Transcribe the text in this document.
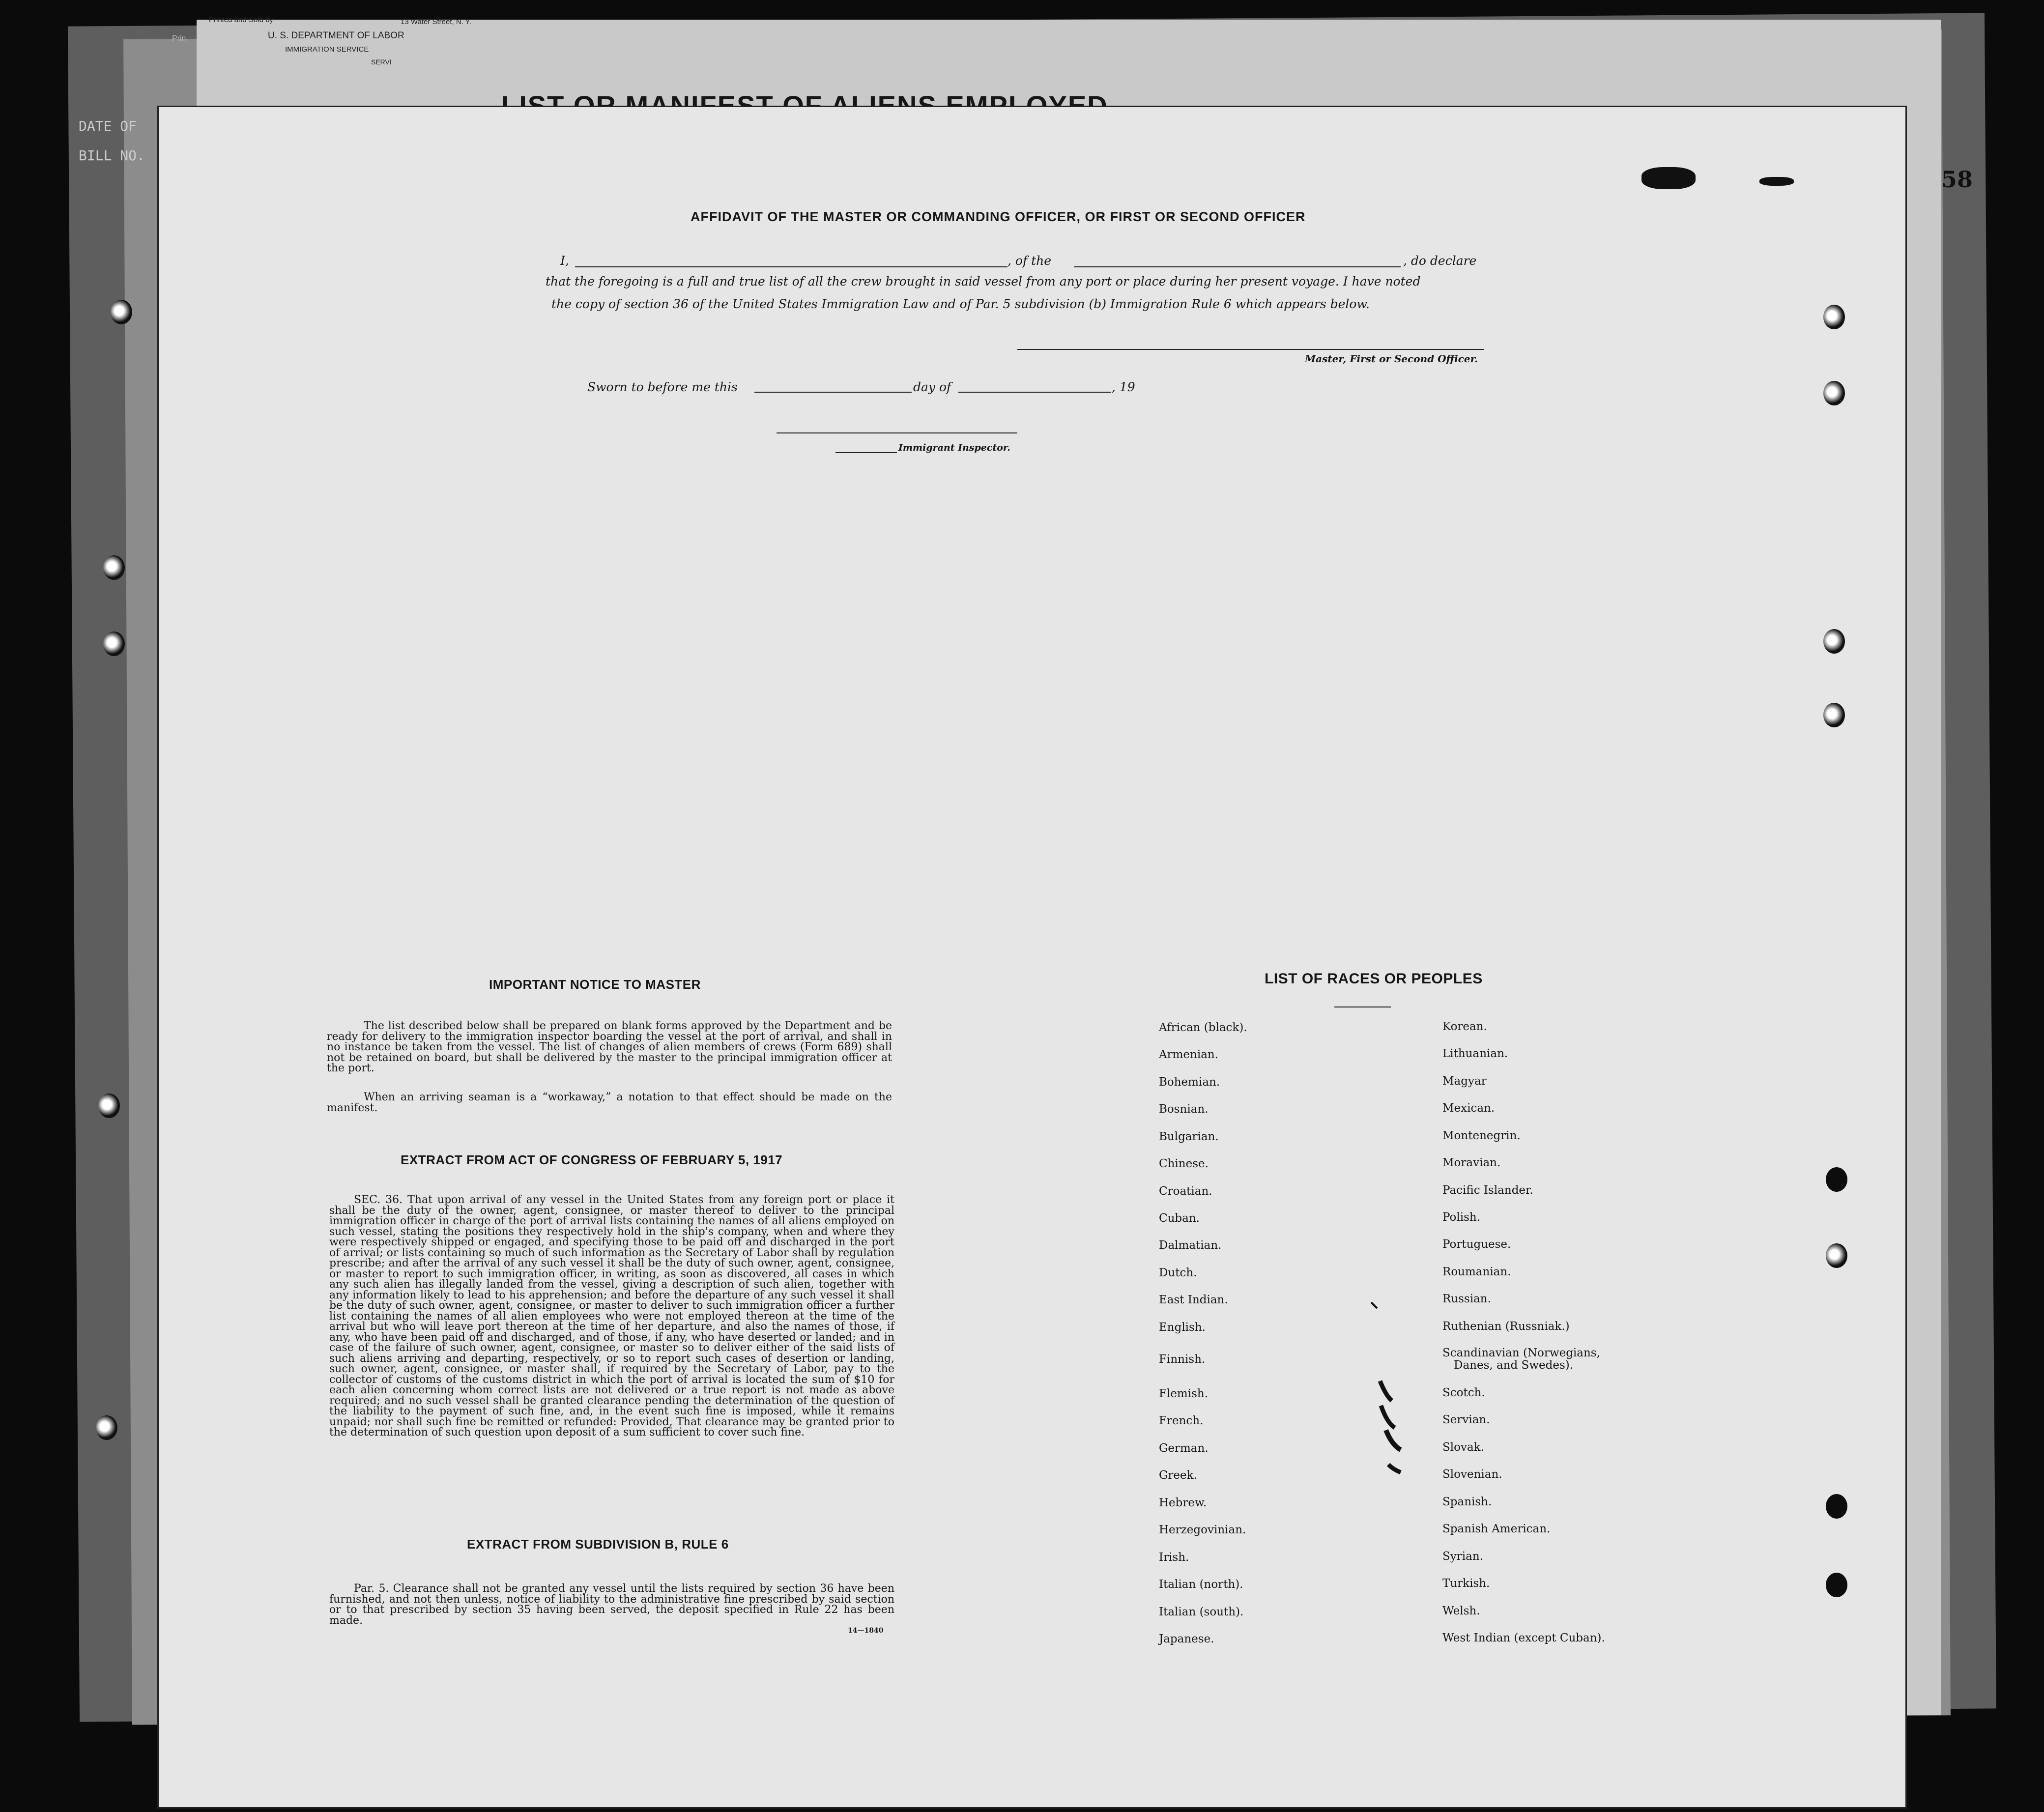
Printed and Sold by	13 Water Street, N. Y.
U. S. DEPARTMENT OF LABOR
IMMIGRATION SERVICE
Prin
SERVI
DATE OF
BILL NO.
58
AFFIDAVIT OF THE MASTER OR COMMANDING OFFICER, OR FIRST OR SECOND OFFICER
I,	, of the	, do declare
that the foregoing is a full and true list of all the crew brought in said vessel from any port or place during her present voyage. I have noted
the copy of section 36 of the United States Immigration Law and of Par. 5 subdivision (b) Immigration Rule 6 which appears below.
Master, First or Second Officer.
Sworn to before me this	day of	, 19
Immigrant Inspector.
IMPORTANT NOTICE TO MASTER
The list described below shall be prepared on blank forms approved by the Department and be ready for delivery to the immigration inspector boarding the vessel at the port of arrival, and shall in no instance be taken from the vessel. The list of changes of alien members of crews (Form 689) shall not be retained on board, but shall be delivered by the master to the principal immigration officer at the port.
When an arriving seaman is a “workaway,” a notation to that effect should be made on the manifest.
EXTRACT FROM ACT OF CONGRESS OF FEBRUARY 5, 1917
SEC. 36. That upon arrival of any vessel in the United States from any foreign port or place it shall be the duty of the owner, agent, consignee, or master thereof to deliver to the principal immigration officer in charge of the port of arrival lists containing the names of all aliens employed on such vessel, stating the positions they respectively hold in the ship's company, when and where they were respectively shipped or engaged, and specifying those to be paid off and discharged in the port of arrival; or lists containing so much of such information as the Secretary of Labor shall by regulation prescribe; and after the arrival of any such vessel it shall be the duty of such owner, agent, consignee, or master to report to such immigration officer, in writing, as soon as discovered, all cases in which any such alien has illegally landed from the vessel, giving a description of such alien, together with any information likely to lead to his apprehension; and before the departure of any such vessel it shall be the duty of such owner, agent, consignee, or master to deliver to such immigration officer a further list containing the names of all alien employees who were not employed thereon at the time of the arrival but who will leave port thereon at the time of her departure, and also the names of those, if any, who have been paid off and discharged, and of those, if any, who have deserted or landed; and in case of the failure of such owner, agent, consignee, or master so to deliver either of the said lists of such aliens arriving and departing, respectively, or so to report such cases of desertion or landing, such owner, agent, consignee, or master shall, if required by the Secretary of Labor, pay to the collector of customs of the customs district in which the port of arrival is located the sum of $10 for each alien concerning whom correct lists are not delivered or a true report is not made as above required; and no such vessel shall be granted clearance pending the determination of the question of the liability to the payment of such fine, and, in the event such fine is imposed, while it remains unpaid; nor shall such fine be remitted or refunded: Provided, That clearance may be granted prior to the determination of such question upon deposit of a sum sufficient to cover such fine.
EXTRACT FROM SUBDIVISION B, RULE 6
Par. 5. Clearance shall not be granted any vessel until the lists required by section 36 have been furnished, and not then unless, notice of liability to the administrative fine prescribed by said section or to that prescribed by section 35 having been served, the deposit specified in Rule 22 has been made.
14—1840
LIST OF RACES OR PEOPLES
African (black).
Armenian.
Bohemian.
Bosnian.
Bulgarian.
Chinese.
Croatian.
Cuban.
Dalmatian.
Dutch.
East Indian.
English.
Finnish.
Flemish.
French.
German.
Greek.
Hebrew.
Herzegovinian.
Irish.
Italian (north).
Italian (south).
Japanese.
Korean.
Lithuanian.
Magyar
Mexican.
Montenegrin.
Moravian.
Pacific Islander.
Polish.
Portuguese.
Roumanian.
Russian.
Ruthenian (Russniak.)
Scandinavian (Norwegians,
Danes, and Swedes).
Scotch.
Servian.
Slovak.
Slovenian.
Spanish.
Spanish American.
Syrian.
Turkish.
Welsh.
West Indian (except Cuban).
